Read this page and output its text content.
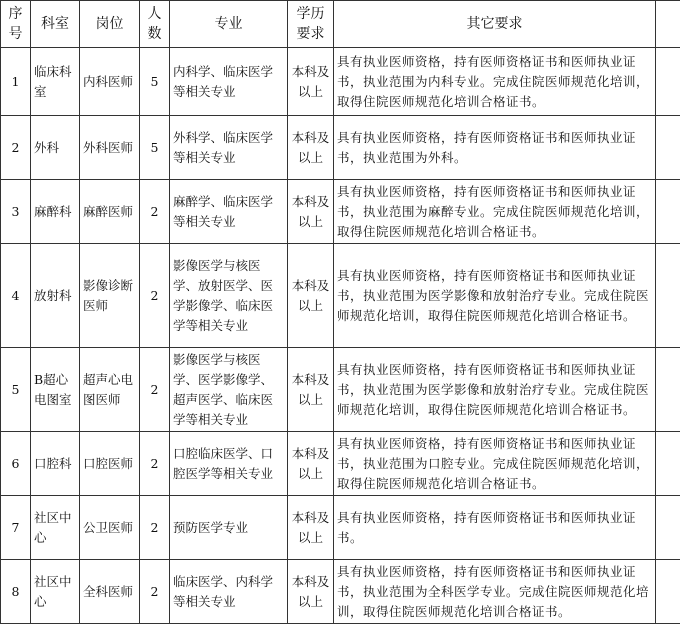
序号	科室	岗位	人数	专业	学历要求	其它要求	
1	临床科室	内科医师	5	内科学、临床医学等相关专业	本科及以上	具有执业医师资格，持有医师资格证书和医师执业证书，执业范围为内科专业。完成住院医师规范化培训，取得住院医师规范化培训合格证书。	
2	外科	外科医师	5	外科学、临床医学等相关专业	本科及以上	具有执业医师资格，持有医师资格证书和医师执业证书，执业范围为外科。	
3	麻醉科	麻醉医师	2	麻醉学、临床医学等相关专业	本科及以上	具有执业医师资格，持有医师资格证书和医师执业证书，执业范围为麻醉专业。完成住院医师规范化培训，取得住院医师规范化培训合格证书。	
4	放射科	影像诊断医师	2	影像医学与核医学、放射医学、医学影像学、临床医学等相关专业	本科及以上	具有执业医师资格，持有医师资格证书和医师执业证书，执业范围为医学影像和放射治疗专业。完成住院医师规范化培训，取得住院医师规范化培训合格证书。	
5	B超心电图室	超声心电图医师	2	影像医学与核医学、医学影像学、超声医学、临床医学等相关专业	本科及以上	具有执业医师资格，持有医师资格证书和医师执业证书，执业范围为医学影像和放射治疗专业。完成住院医师规范化培训，取得住院医师规范化培训合格证书。	
6	口腔科	口腔医师	2	口腔临床医学、口腔医学等相关专业	本科及以上	具有执业医师资格，持有医师资格证书和医师执业证书，执业范围为口腔专业。完成住院医师规范化培训，取得住院医师规范化培训合格证书。	
7	社区中心	公卫医师	2	预防医学专业	本科及以上	具有执业医师资格，持有医师资格证书和医师执业证书。	
8	社区中心	全科医师	2	临床医学、内科学等相关专业	本科及以上	具有执业医师资格，持有医师资格证书和医师执业证书，执业范围为全科医学专业。完成住院医师规范化培训，取得住院医师规范化培训合格证书。	
